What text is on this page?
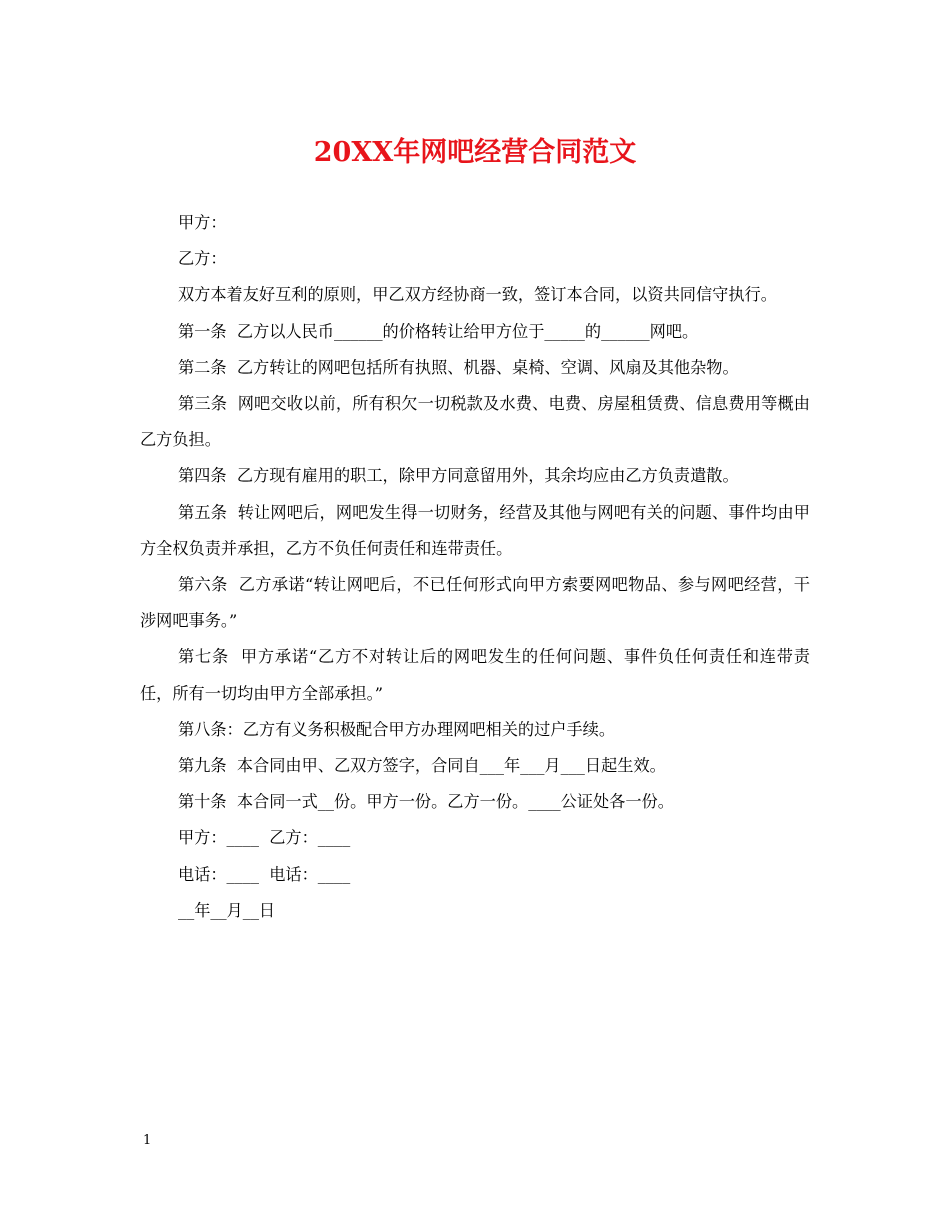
20XX年网吧经营合同范文

甲方：

乙方：

双方本着友好互利的原则，甲乙双方经协商一致，签订本合同，以资共同信守执行。

第一条  乙方以人民币______的价格转让给甲方位于_____的______网吧。

第二条  乙方转让的网吧包括所有执照、机器、桌椅、空调、风扇及其他杂物。

第三条  网吧交收以前，所有积欠一切税款及水费、电费、房屋租赁费、信息费用等概由乙方负担。

第四条  乙方现有雇用的职工，除甲方同意留用外，其余均应由乙方负责遣散。

第五条  转让网吧后，网吧发生得一切财务，经营及其他与网吧有关的问题、事件均由甲方全权负责并承担，乙方不负任何责任和连带责任。

第六条  乙方承诺“转让网吧后，不已任何形式向甲方索要网吧物品、参与网吧经营，干涉网吧事务。”

第七条  甲方承诺“乙方不对转让后的网吧发生的任何问题、事件负任何责任和连带责任，所有一切均由甲方全部承担。”

第八条：乙方有义务积极配合甲方办理网吧相关的过户手续。

第九条  本合同由甲、乙双方签字，合同自___年___月___日起生效。

第十条  本合同一式__份。甲方一份。乙方一份。____公证处各一份。

甲方：____  乙方：____

电话：____  电话：____

__年__月__日

1
